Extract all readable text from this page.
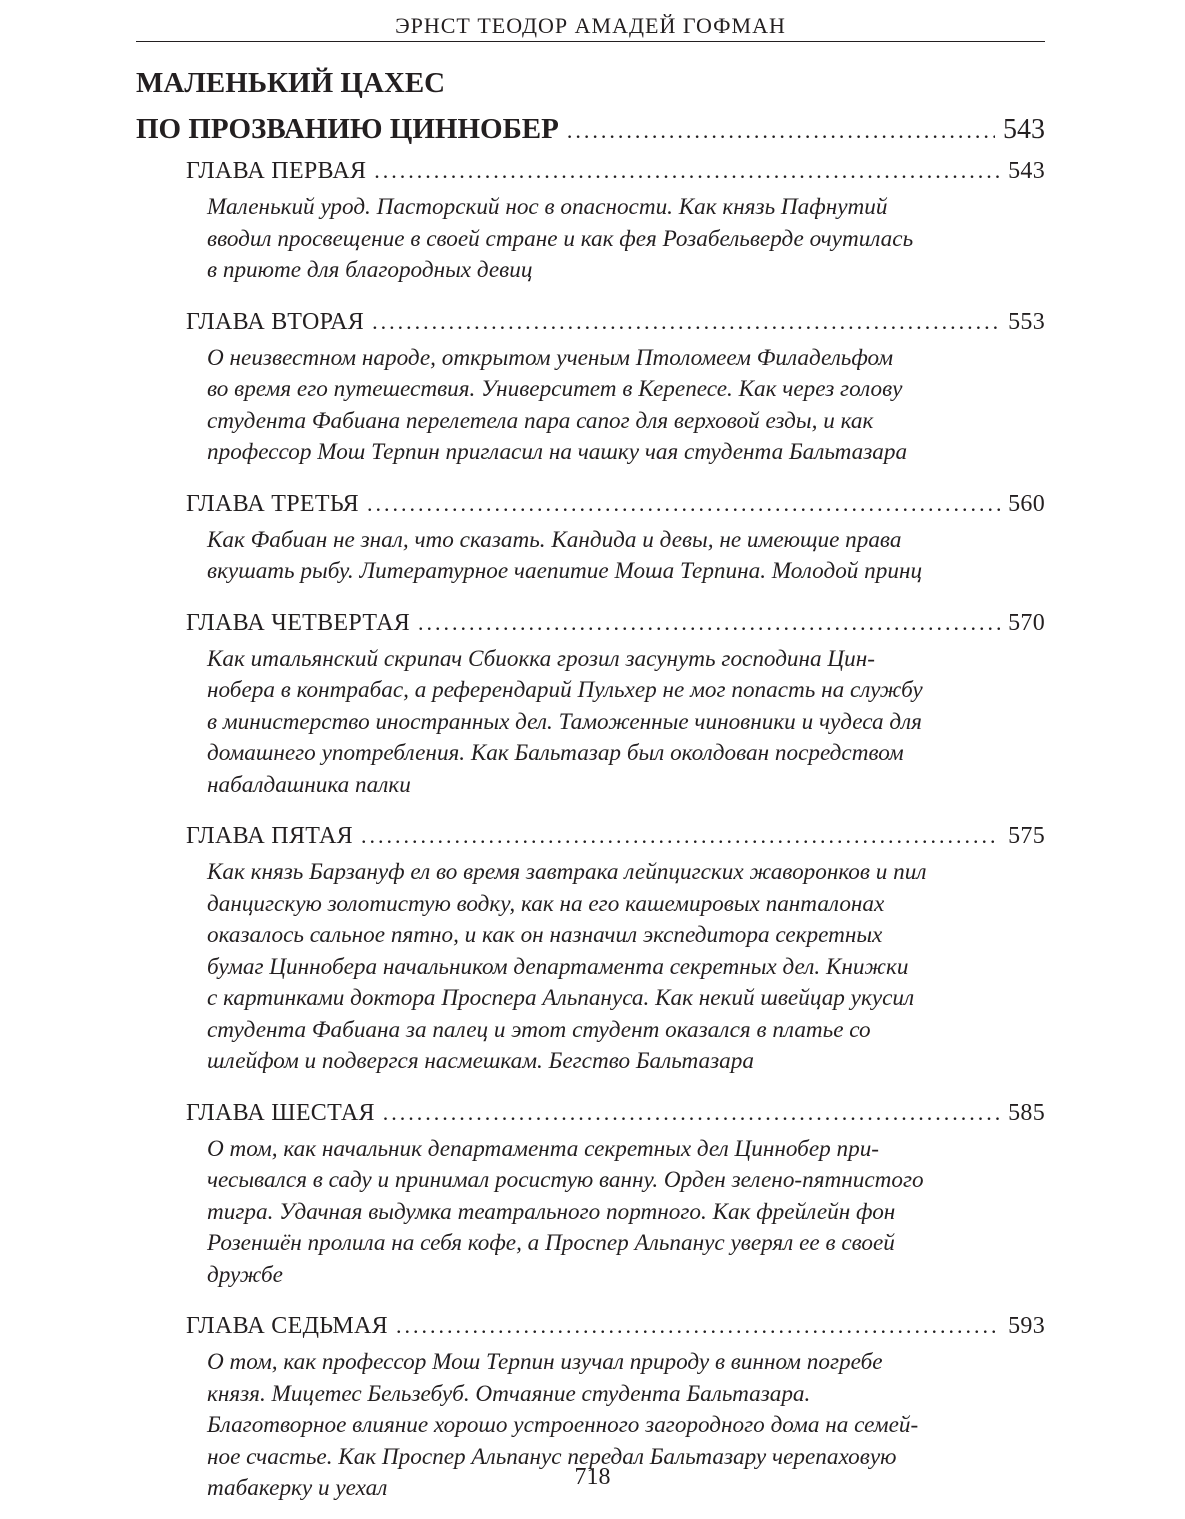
ЭРНСТ ТЕОДОР АМАДЕЙ ГОФМАН
МАЛЕНЬКИЙ ЦАХЕС
ПО ПРОЗВАНИЮ ЦИННОБЕР .....	543
ГЛАВА ПЕРВАЯ .....	543

Маленький урод. Пасторский нос в опасности. Как князь Пафнутий
вводил просвещение в своей стране и как фея Розабельверде очутилась
в приюте для благородных девиц

ГЛАВА ВТОРАЯ .....	553

О неизвестном народе, открытом ученым Птоломеем Филадельфом
во время его путешествия. Университет в Керепесе. Как через голову
студента Фабиана перелетела пара сапог для верховой езды, и как
профессор Мош Терпин пригласил на чашку чая студента Бальтазара

ГЛАВА ТРЕТЬЯ .....	560

Как Фабиан не знал, что сказать. Кандида и девы, не имеющие права
вкушать рыбу. Литературное чаепитие Моша Терпина. Молодой принц

ГЛАВА ЧЕТВЕРТАЯ .....	570

Как итальянский скрипач Сбиокка грозил засунуть господина Цин-
нобера в контрабас, а референдарий Пульхер не мог попасть на службу
в министерство иностранных дел. Таможенные чиновники и чудеса для
домашнего употребления. Как Бальтазар был околдован посредством
набалдашника палки

ГЛАВА ПЯТАЯ .....	575

Как князь Барзануф ел во время завтрака лейпцигских жаворонков и пил
данцигскую золотистую водку, как на его кашемировых панталонах
оказалось сальное пятно, и как он назначил экспедитора секретных
бумаг Циннобера начальником департамента секретных дел. Книжки
с картинками доктора Проспера Альпануса. Как некий швейцар укусил
студента Фабиана за палец и этот студент оказался в платье со
шлейфом и подвергся насмешкам. Бегство Бальтазара

ГЛАВА ШЕСТАЯ .....	585

О том, как начальник департамента секретных дел Циннобер при-
чесывался в саду и принимал росистую ванну. Орден зелено-пятнистого
тигра. Удачная выдумка театрального портного. Как фрейлейн фон
Розеншён пролила на себя кофе, а Проспер Альпанус уверял ее в своей дружбе

ГЛАВА СЕДЬМАЯ .....	593

О том, как профессор Мош Терпин изучал природу в винном погребе
князя. Мицетес Бельзебуб. Отчаяние студента Бальтазара.
Благотворное влияние хорошо устроенного загородного дома на семей-
ное счастье. Как Проспер Альпанус передал Бальтазару черепаховую
табакерку и уехал	718
